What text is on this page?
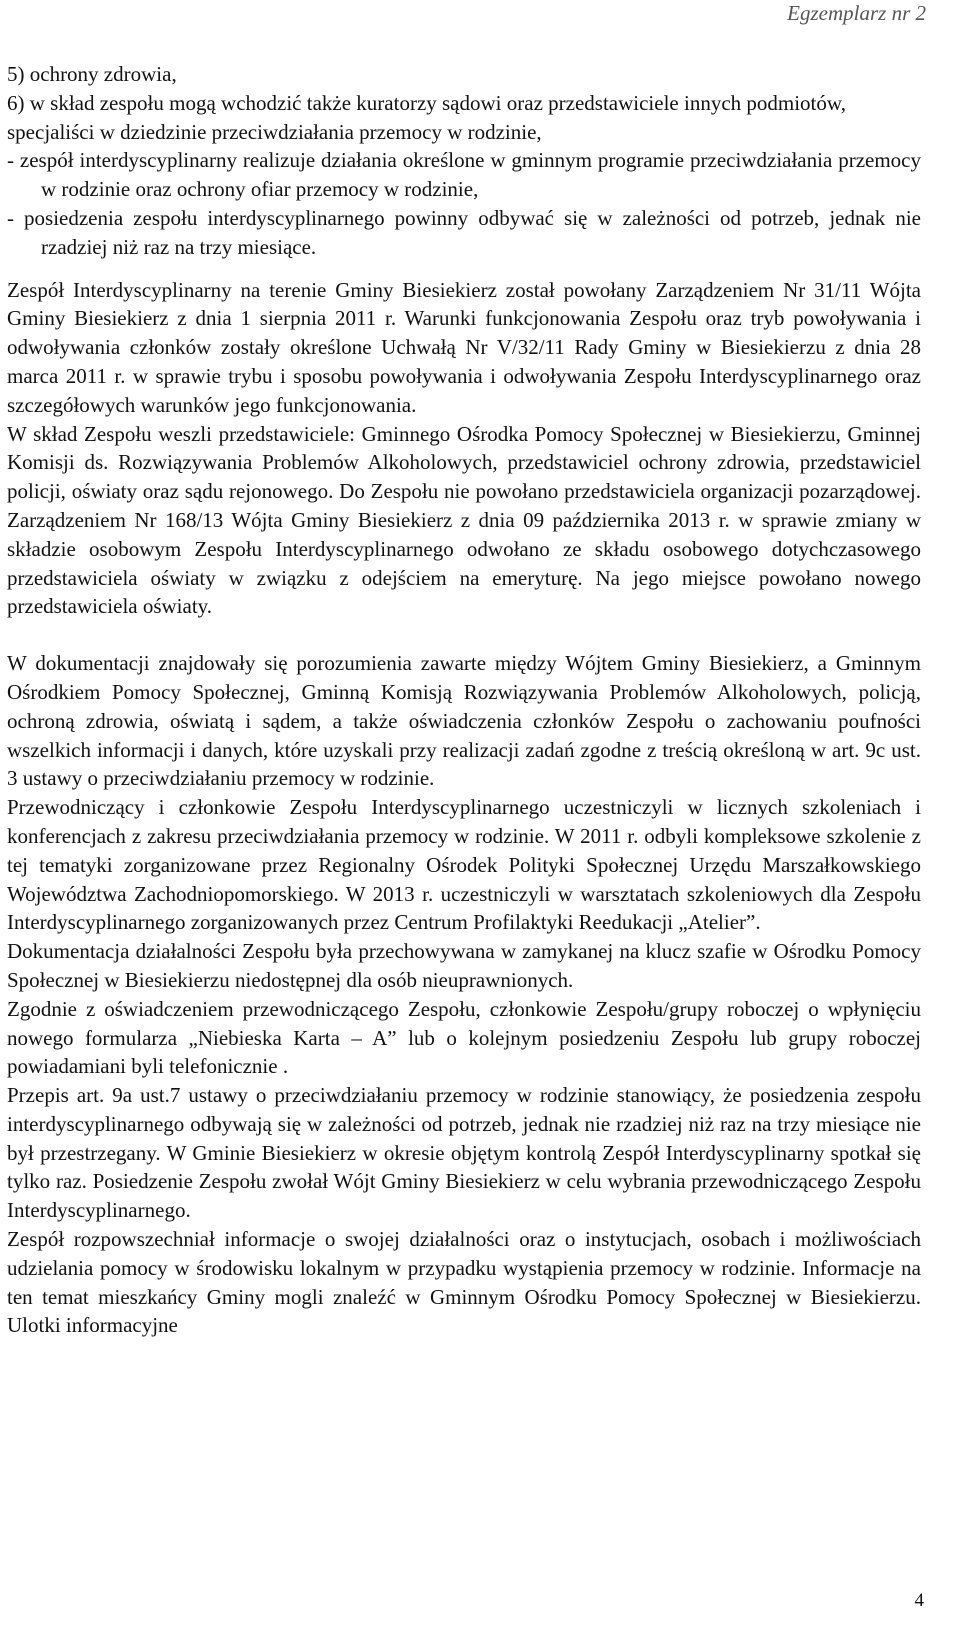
Egzemplarz nr 2
5) ochrony zdrowia,
6) w skład zespołu mogą wchodzić także kuratorzy sądowi oraz przedstawiciele innych podmiotów, specjaliści w dziedzinie przeciwdziałania przemocy w rodzinie,
- zespół interdyscyplinarny realizuje działania określone w gminnym programie przeciwdziałania przemocy w rodzinie oraz ochrony ofiar przemocy w rodzinie,
- posiedzenia zespołu interdyscyplinarnego powinny odbywać się w zależności od potrzeb, jednak nie rzadziej niż raz na trzy miesiące.

Zespół Interdyscyplinarny na terenie Gminy Biesiekierz został powołany Zarządzeniem Nr 31/11 Wójta Gminy Biesiekierz z dnia 1 sierpnia 2011 r. Warunki funkcjonowania Zespołu oraz tryb powoływania i odwoływania członków zostały określone Uchwałą Nr V/32/11 Rady Gminy w Biesiekierzu z dnia 28 marca 2011 r. w sprawie trybu i sposobu powoływania i odwoływania Zespołu Interdyscyplinarnego oraz szczegółowych warunków jego funkcjonowania.

W skład Zespołu weszli przedstawiciele: Gminnego Ośrodka Pomocy Społecznej w Biesiekierzu, Gminnej Komisji ds. Rozwiązywania Problemów Alkoholowych, przedstawiciel ochrony zdrowia, przedstawiciel policji, oświaty oraz sądu rejonowego. Do Zespołu nie powołano przedstawiciela organizacji pozarządowej. Zarządzeniem Nr 168/13 Wójta Gminy Biesiekierz z dnia 09 października 2013 r. w sprawie zmiany w składzie osobowym Zespołu Interdyscyplinarnego odwołano ze składu osobowego dotychczasowego przedstawiciela oświaty w związku z odejściem na emeryturę. Na jego miejsce powołano nowego przedstawiciela oświaty.

W dokumentacji znajdowały się porozumienia zawarte między Wójtem Gminy Biesiekierz, a Gminnym Ośrodkiem Pomocy Społecznej, Gminną Komisją Rozwiązywania Problemów Alkoholowych, policją, ochroną zdrowia, oświatą i sądem, a także oświadczenia członków Zespołu o zachowaniu poufności wszelkich informacji i danych, które uzyskali przy realizacji zadań zgodne z treścią określoną w art. 9c ust. 3 ustawy o przeciwdziałaniu przemocy w rodzinie.

Przewodniczący i członkowie Zespołu Interdyscyplinarnego uczestniczyli w licznych szkoleniach i konferencjach z zakresu przeciwdziałania przemocy w rodzinie. W 2011 r. odbyli kompleksowe szkolenie z tej tematyki zorganizowane przez Regionalny Ośrodek Polityki Społecznej Urzędu Marszałkowskiego Województwa Zachodniopomorskiego. W 2013 r. uczestniczyli w warsztatach szkoleniowych dla Zespołu Interdyscyplinarnego zorganizowanych przez Centrum Profilaktyki Reedukacji „Atelier”.

Dokumentacja działalności Zespołu była przechowywana w zamykanej na klucz szafie w Ośrodku Pomocy Społecznej w Biesiekierzu niedostępnej dla osób nieuprawnionych.

Zgodnie z oświadczeniem przewodniczącego Zespołu, członkowie Zespołu/grupy roboczej o wpłynięciu nowego formularza „Niebieska Karta – A” lub o kolejnym posiedzeniu Zespołu lub grupy roboczej powiadamiani byli telefonicznie .

Przepis art. 9a ust.7 ustawy o przeciwdziałaniu przemocy w rodzinie stanowiący, że posiedzenia zespołu interdyscyplinarnego odbywają się w zależności od potrzeb, jednak nie rzadziej niż raz na trzy miesiące nie był przestrzegany. W Gminie Biesiekierz w okresie objętym kontrolą Zespół Interdyscyplinarny spotkał się tylko raz. Posiedzenie Zespołu zwołał Wójt Gminy Biesiekierz w celu wybrania przewodniczącego Zespołu Interdyscyplinarnego.

Zespół rozpowszechniał informacje o swojej działalności oraz o instytucjach, osobach i możliwościach udzielania pomocy w środowisku lokalnym w przypadku wystąpienia przemocy w rodzinie. Informacje na ten temat mieszkańcy Gminy mogli znaleźć w Gminnym Ośrodku Pomocy Społecznej w Biesiekierzu. Ulotki informacyjne

4
